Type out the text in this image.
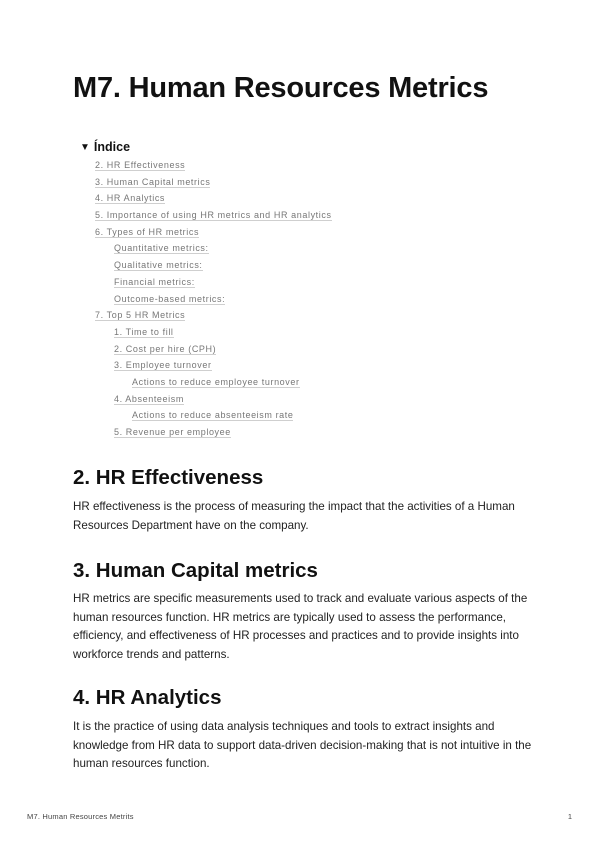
M7. Human Resources Metrics
▼ Índice
2. HR Effectiveness
3. Human Capital metrics
4. HR Analytics
5. Importance of using HR metrics and HR analytics
6. Types of HR metrics
Quantitative metrics:
Qualitative metrics:
Financial metrics:
Outcome-based metrics:
7. Top 5 HR Metrics
1. Time to fill
2. Cost per hire (CPH)
3. Employee turnover
Actions to reduce employee turnover
4. Absenteeism
Actions to reduce absenteeism rate
5. Revenue per employee
2. HR Effectiveness

HR effectiveness is the process of measuring the impact that the activities of a Human Resources Department have on the company.

3. Human Capital metrics

HR metrics are specific measurements used to track and evaluate various aspects of the human resources function. HR metrics are typically used to assess the performance, efficiency, and effectiveness of HR processes and practices and to provide insights into workforce trends and patterns.

4. HR Analytics

It is the practice of using data analysis techniques and tools to extract insights and knowledge from HR data to support data-driven decision-making that is not intuitive in the human resources function.

M7. Human Resources Metrits	1
